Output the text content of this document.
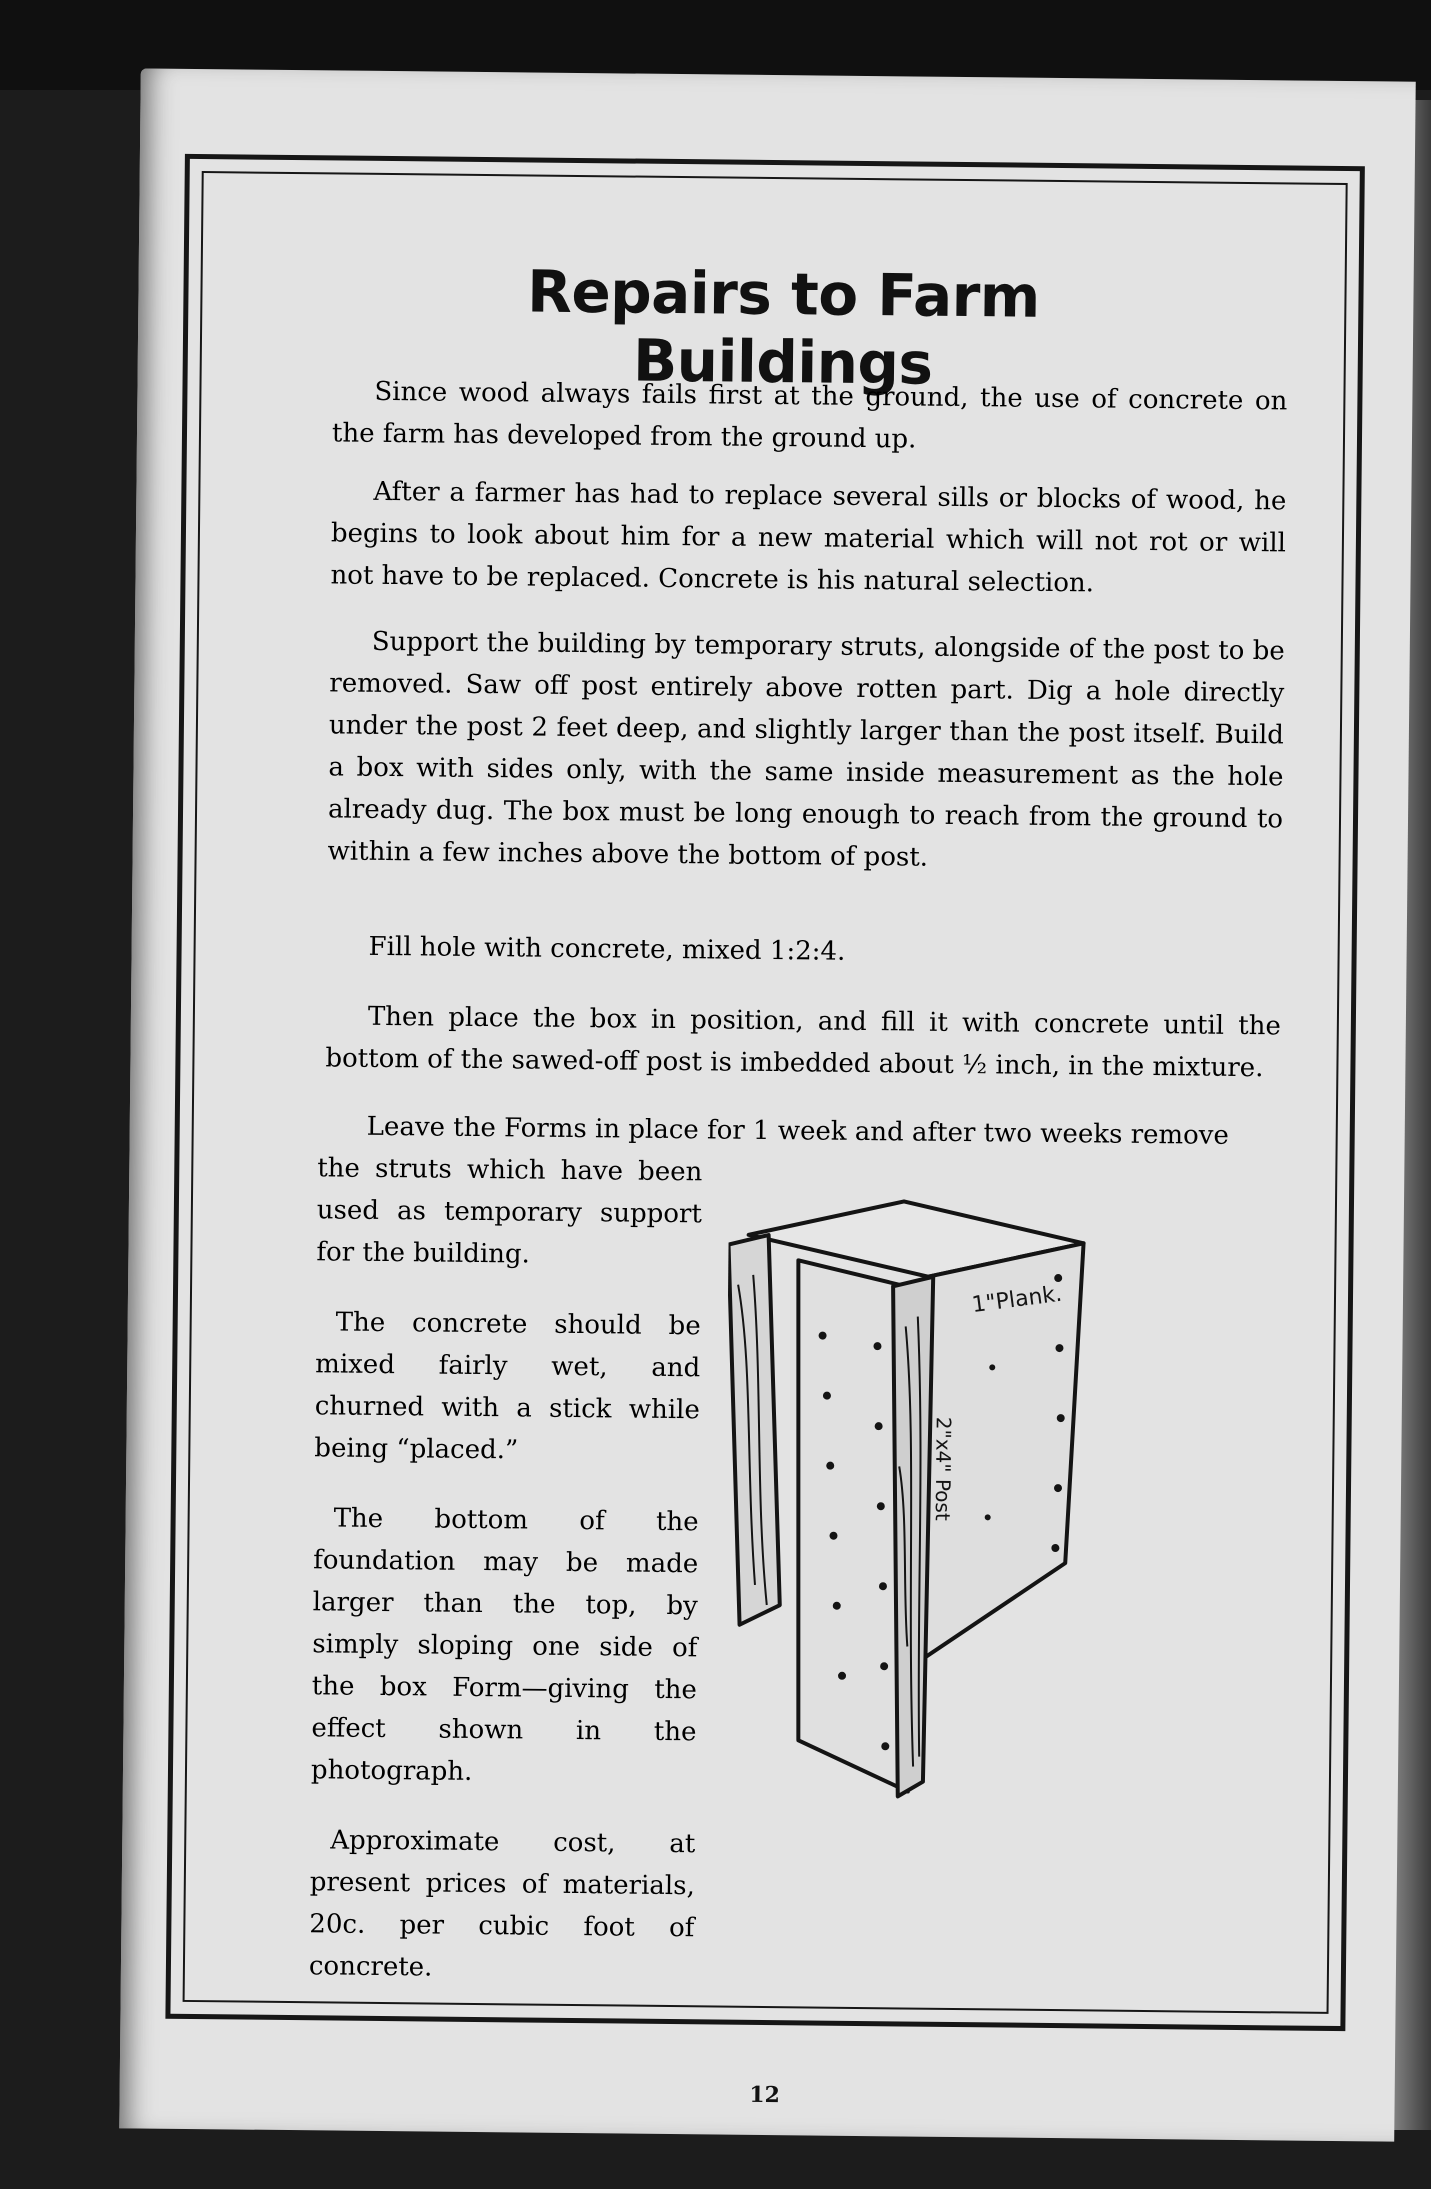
Repairs to Farm Buildings

Since wood always fails first at the ground, the use of concrete on the farm has developed from the ground up.

After a farmer has had to replace several sills or blocks of wood, he begins to look about him for a new material which will not rot or will not have to be replaced. Concrete is his natural selection.

Support the building by temporary struts, alongside of the post to be removed. Saw off post entirely above rotten part. Dig a hole directly under the post 2 feet deep, and slightly larger than the post itself. Build a box with sides only, with the same inside measurement as the hole already dug. The box must be long enough to reach from the ground to within a few inches above the bottom of post.

Fill hole with concrete, mixed 1:2:4.

Then place the box in position, and fill it with concrete until the bottom of the sawed-off post is imbedded about ½ inch, in the mixture.

Leave the Forms in place for 1 week and after two weeks remove

the struts which have been used as temporary support for the building.

The concrete should be mixed fairly wet, and churned with a stick while being “placed.”

The bottom of the foundation may be made larger than the top, by simply sloping one side of the box Form—giving the effect shown in the photograph.

Approximate cost, at present prices of materials, 20c. per cubic foot of concrete.

1"Plank.
2"x4" Post
12
